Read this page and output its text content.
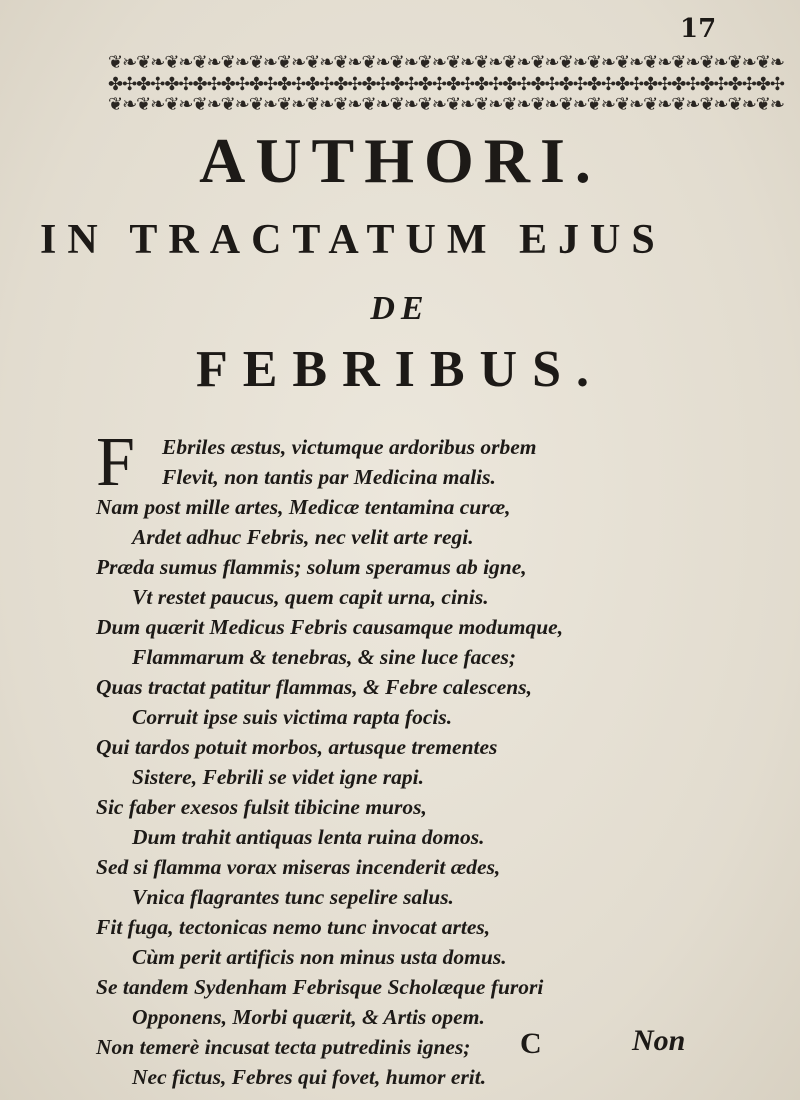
17
❦❧❦❧❦❧❦❧❦❧❦❧❦❧❦❧❦❧❦❧❦❧❦❧❦❧❦❧❦❧❦❧❦❧❦❧❦❧❦❧❦❧❦❧❦❧❦❧
✤✣✤✣✤✣✤✣✤✣✤✣✤✣✤✣✤✣✤✣✤✣✤✣✤✣✤✣✤✣✤✣✤✣✤✣✤✣✤✣✤✣✤✣✤✣✤✣
❦❧❦❧❦❧❦❧❦❧❦❧❦❧❦❧❦❧❦❧❦❧❦❧❦❧❦❧❦❧❦❧❦❧❦❧❦❧❦❧❦❧❦❧❦❧❦❧
AUTHORI.
IN TRACTATUM EJUS
DE
FEBRIBUS.
F	Ebriles æstus, victumque ardoribus orbem
Flevit, non tantis par Medicina malis.
Nam post mille artes, Medicæ tentamina curæ,
Ardet adhuc Febris, nec velit arte regi.
Præda sumus flammis; solum speramus ab igne,
Vt restet paucus, quem capit urna, cinis.
Dum quærit Medicus Febris causamque modumque,
Flammarum & tenebras, & sine luce faces;
Quas tractat patitur flammas, & Febre calescens,
Corruit ipse suis victima rapta focis.
Qui tardos potuit morbos, artusque trementes
Sistere, Febrili se videt igne rapi.
Sic faber exesos fulsit tibicine muros,
Dum trahit antiquas lenta ruina domos.
Sed si flamma vorax miseras incenderit ædes,
Vnica flagrantes tunc sepelire salus.
Fit fuga, tectonicas nemo tunc invocat artes,
Cùm perit artificis non minus usta domus.
Se tandem Sydenham Febrisque Scholæque furori
Opponens, Morbi quærit, & Artis opem.
Non temerè incusat tecta putredinis ignes;
Nec fictus, Febres qui fovet, humor erit.
C	Non
